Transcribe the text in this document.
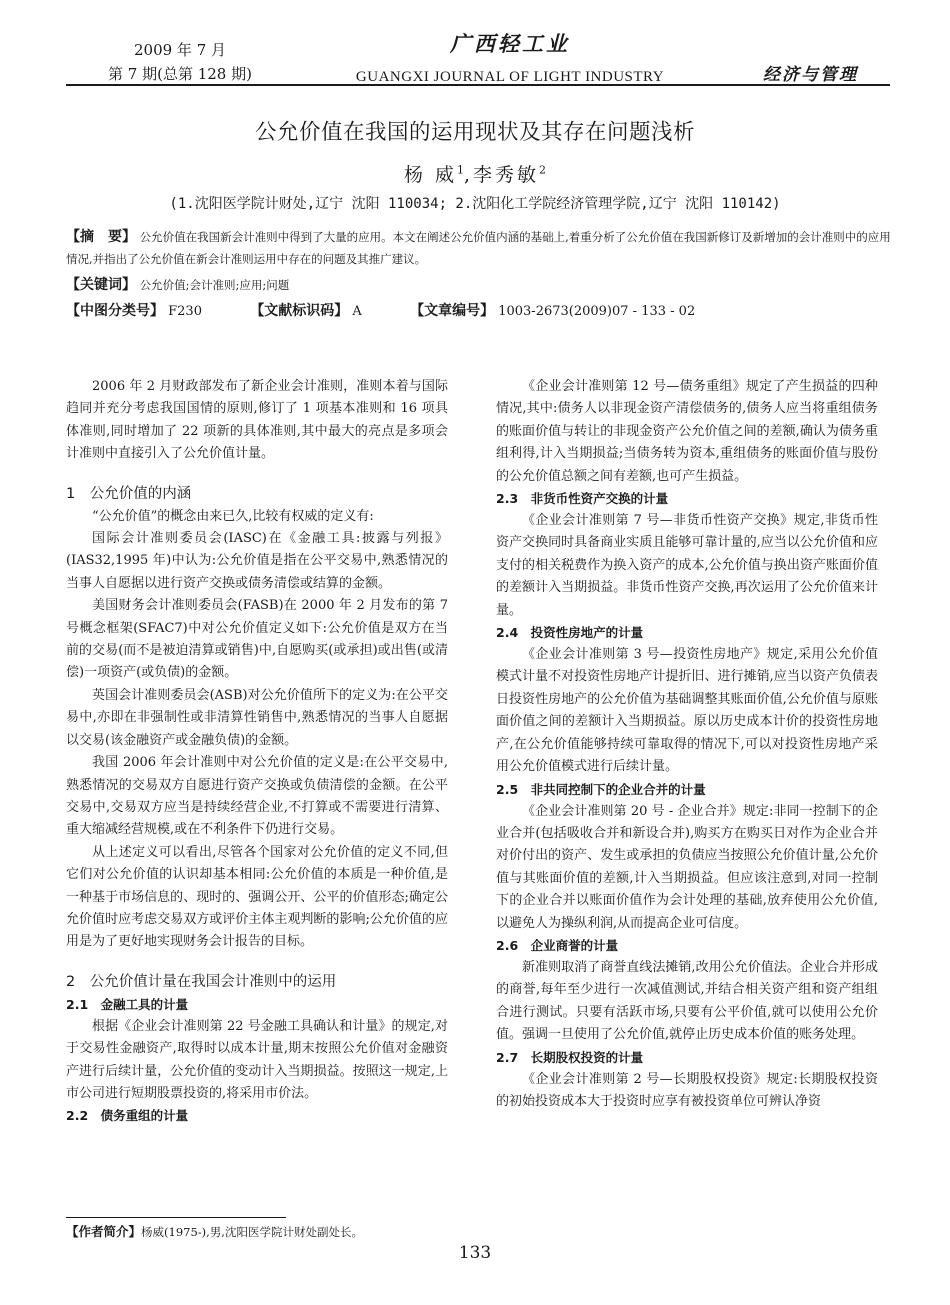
2009 年 7 月
第 7 期(总第 128 期)
广西轻工业
GUANGXI JOURNAL OF LIGHT INDUSTRY	经济与管理
公允价值在我国的运用现状及其存在问题浅析
杨 威$^1$,李秀敏$^2$
(1.沈阳医学院计财处,辽宁 沈阳 110034; 2.沈阳化工学院经济管理学院,辽宁 沈阳 110142)
【摘　要】 公允价值在我国新会计准则中得到了大量的应用。本文在阐述公允价值内涵的基础上,着重分析了公允价值在我国新修订及新增加的会计准则中的应用情况,并指出了公允价值在新会计准则运用中存在的问题及其推广建议。
【关键词】 公允价值;会计准则;应用;问题
【中图分类号】 F230	【文献标识码】 A	【文章编号】 1003-2673(2009)07 - 133 - 02

2006 年 2 月财政部发布了新企业会计准则，准则本着与国际趋同并充分考虑我国国情的原则,修订了 1 项基本准则和 16 项具体准则,同时增加了 22 项新的具体准则,其中最大的亮点是多项会计准则中直接引入了公允价值计量。

1　公允价值的内涵

“公允价值”的概念由来已久,比较有权威的定义有:

国际会计准则委员会(IASC)在《金融工具:披露与列报》(IAS32,1995 年)中认为:公允价值是指在公平交易中,熟悉情况的当事人自愿据以进行资产交换或债务清偿或结算的金额。

美国财务会计准则委员会(FASB)在 2000 年 2 月发布的第 7 号概念框架(SFAC7)中对公允价值定义如下:公允价值是双方在当前的交易(而不是被迫清算或销售)中,自愿购买(或承担)或出售(或清偿)一项资产(或负债)的金额。

英国会计准则委员会(ASB)对公允价值所下的定义为:在公平交易中,亦即在非强制性或非清算性销售中,熟悉情况的当事人自愿据以交易(该金融资产或金融负债)的金额。

我国 2006 年会计准则中对公允价值的定义是:在公平交易中,熟悉情况的交易双方自愿进行资产交换或负债清偿的金额。在公平交易中,交易双方应当是持续经营企业,不打算或不需要进行清算、重大缩减经营规模,或在不利条件下仍进行交易。

从上述定义可以看出,尽管各个国家对公允价值的定义不同,但它们对公允价值的认识却基本相同:公允价值的本质是一种价值,是一种基于市场信息的、现时的、强调公开、公平的价值形态;确定公允价值时应考虑交易双方或评价主体主观判断的影响;公允价值的应用是为了更好地实现财务会计报告的目标。

2　公允价值计量在我国会计准则中的运用
2.1　金融工具的计量

根据《企业会计准则第 22 号金融工具确认和计量》的规定,对于交易性金融资产,取得时以成本计量,期末按照公允价值对金融资产进行后续计量，公允价值的变动计入当期损益。按照这一规定,上市公司进行短期股票投资的,将采用市价法。

2.2　债务重组的计量

《企业会计准则第 12 号—债务重组》规定了产生损益的四种情况,其中:债务人以非现金资产清偿债务的,债务人应当将重组债务的账面价值与转让的非现金资产公允价值之间的差额,确认为债务重组利得,计入当期损益;当债务转为资本,重组债务的账面价值与股份的公允价值总额之间有差额,也可产生损益。

2.3　非货币性资产交换的计量

《企业会计准则第 7 号—非货币性资产交换》规定,非货币性资产交换同时具备商业实质且能够可靠计量的,应当以公允价值和应支付的相关税费作为换入资产的成本,公允价值与换出资产账面价值的差额计入当期损益。非货币性资产交换,再次运用了公允价值来计量。

2.4　投资性房地产的计量

《企业会计准则第 3 号—投资性房地产》规定,采用公允价值模式计量不对投资性房地产计提折旧、进行摊销,应当以资产负债表日投资性房地产的公允价值为基础调整其账面价值,公允价值与原账面价值之间的差额计入当期损益。原以历史成本计价的投资性房地产,在公允价值能够持续可靠取得的情况下,可以对投资性房地产采用公允价值模式进行后续计量。

2.5　非共同控制下的企业合并的计量

《企业会计准则第 20 号 - 企业合并》规定:非同一控制下的企业合并(包括吸收合并和新设合并),购买方在购买日对作为企业合并对价付出的资产、发生或承担的负债应当按照公允价值计量,公允价值与其账面价值的差额,计入当期损益。但应该注意到,对同一控制下的企业合并以账面价值作为会计处理的基础,放弃使用公允价值,以避免人为操纵利润,从而提高企业可信度。

2.6　企业商誉的计量

新准则取消了商誉直线法摊销,改用公允价值法。企业合并形成的商誉,每年至少进行一次减值测试,并结合相关资产组和资产组组合进行测试。只要有活跃市场,只要有公平价值,就可以使用公允价值。强调一旦使用了公允价值,就停止历史成本价值的账务处理。

2.7　长期股权投资的计量

《企业会计准则第 2 号—长期股权投资》规定:长期股权投资的初始投资成本大于投资时应享有被投资单位可辨认净资

【作者简介】杨威(1975-),男,沈阳医学院计财处副处长。
133
